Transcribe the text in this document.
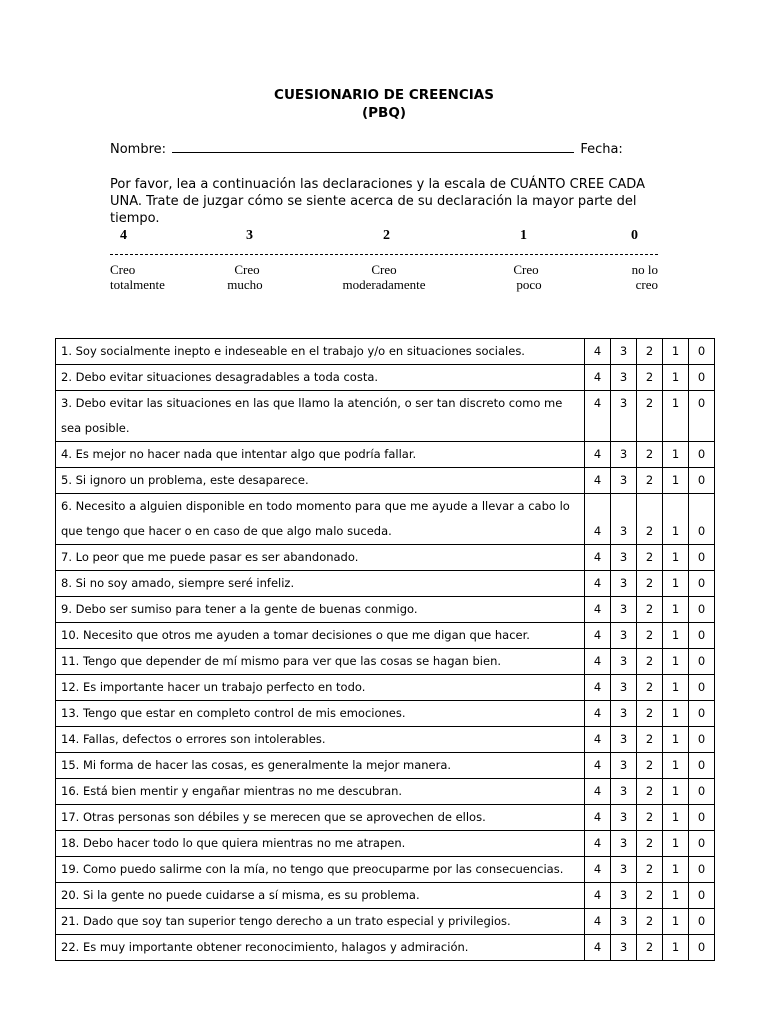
CUESIONARIO DE CREENCIAS
(PBQ)
Nombre:	Fecha:
Por favor, lea a continuación las declaraciones y la escala de CUÁNTO CREE CADA UNA. Trate de juzgar cómo se siente acerca de su declaración la mayor parte del tiempo.
4	3	2	1	0
Creo
totalmente
Creo
mucho
Creo
moderadamente
Creo
poco
no lo
creo
1. Soy socialmente inepto e indeseable en el trabajo y/o en situaciones sociales.	4	3	2	1	0
2. Debo evitar situaciones desagradables a toda costa.	4	3	2	1	0
3. Debo evitar las situaciones en las que llamo la atención, o ser tan discreto como me sea posible.	4	3	2	1	0
4. Es mejor no hacer nada que intentar algo que podría fallar.	4	3	2	1	0
5. Si ignoro un problema, este desaparece.	4	3	2	1	0
6. Necesito a alguien disponible en todo momento para que me ayude a llevar a cabo lo que tengo que hacer o en caso de que algo malo suceda.	4	3	2	1	0
7. Lo peor que me puede pasar es ser abandonado.	4	3	2	1	0
8. Si no soy amado, siempre seré infeliz.	4	3	2	1	0
9. Debo ser sumiso para tener a la gente de buenas conmigo.	4	3	2	1	0
10. Necesito que otros me ayuden a tomar decisiones o que me digan que hacer.	4	3	2	1	0
11. Tengo que depender de mí mismo para ver que las cosas se hagan bien.	4	3	2	1	0
12. Es importante hacer un trabajo perfecto en todo.	4	3	2	1	0
13. Tengo que estar en completo control de mis emociones.	4	3	2	1	0
14. Fallas, defectos o errores son intolerables.	4	3	2	1	0
15. Mi forma de hacer las cosas, es generalmente la mejor manera.	4	3	2	1	0
16. Está bien mentir y engañar mientras no me descubran.	4	3	2	1	0
17. Otras personas son débiles y se merecen que se aprovechen de ellos.	4	3	2	1	0
18. Debo hacer todo lo que quiera mientras no me atrapen.	4	3	2	1	0
19. Como puedo salirme con la mía, no tengo que preocuparme por las consecuencias.	4	3	2	1	0
20. Si la gente no puede cuidarse a sí misma, es su problema.	4	3	2	1	0
21. Dado que soy tan superior tengo derecho a un trato especial y privilegios.	4	3	2	1	0
22. Es muy importante obtener reconocimiento, halagos y admiración.	4	3	2	1	0
